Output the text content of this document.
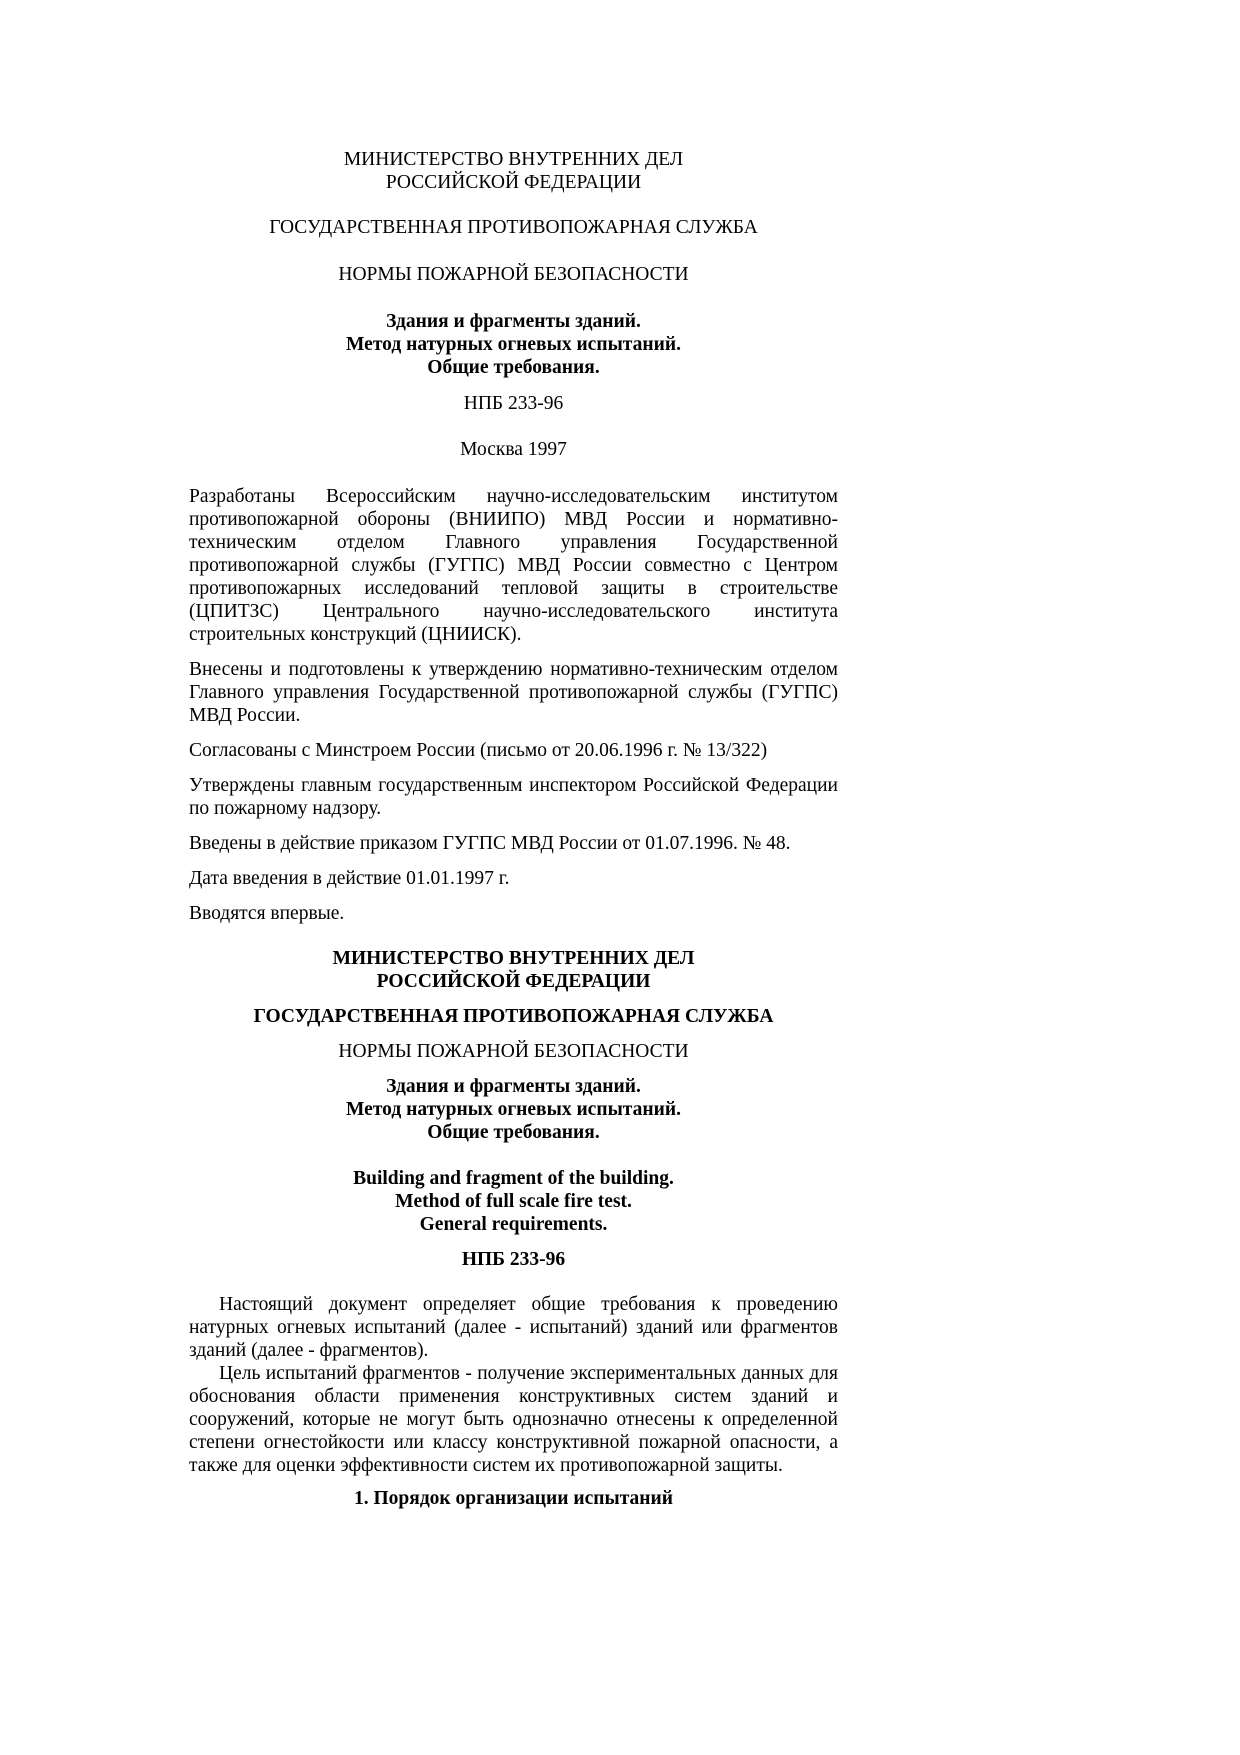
МИНИСТЕРСТВО ВНУТРЕННИХ ДЕЛ
РОССИЙСКОЙ ФЕДЕРАЦИИ

ГОСУДАРСТВЕННАЯ ПРОТИВОПОЖАРНАЯ СЛУЖБА

НОРМЫ ПОЖАРНОЙ БЕЗОПАСНОСТИ

Здания и фрагменты зданий.
Метод натурных огневых испытаний.
Общие требования.

НПБ 233-96

Москва 1997

Разработаны Всероссийским научно-исследовательским институтом противопожарной обороны (ВНИИПО) МВД России и нормативно-техническим отделом Главного управления Государственной противопожарной службы (ГУГПС) МВД России совместно с Центром противопожарных исследований тепловой защиты в строительстве (ЦПИТЗС) Центрального научно-исследовательского института строительных конструкций (ЦНИИСК).

Внесены и подготовлены к утверждению нормативно-техническим отделом Главного управления Государственной противопожарной службы (ГУГПС) МВД России.

Согласованы с Минстроем России (письмо от 20.06.1996 г. № 13/322)

Утверждены главным государственным инспектором Российской Федерации по пожарному надзору.

Введены в действие приказом ГУГПС МВД России от 01.07.1996. № 48.

Дата введения в действие 01.01.1997 г.

Вводятся впервые.

МИНИСТЕРСТВО ВНУТРЕННИХ ДЕЛ
РОССИЙСКОЙ ФЕДЕРАЦИИ

ГОСУДАРСТВЕННАЯ ПРОТИВОПОЖАРНАЯ СЛУЖБА

НОРМЫ ПОЖАРНОЙ БЕЗОПАСНОСТИ

Здания и фрагменты зданий.
Метод натурных огневых испытаний.
Общие требования.

Building and fragment of the building.
Method of full scale fire test.
General requirements.

НПБ 233-96

Настоящий документ определяет общие требования к проведению натурных огневых испытаний (далее - испытаний) зданий или фрагментов зданий (далее - фрагментов).

Цель испытаний фрагментов - получение экспериментальных данных для обоснования области применения конструктивных систем зданий и сооружений, которые не могут быть однозначно отнесены к определенной степени огнестойкости или классу конструктивной пожарной опасности, а также для оценки эффективности систем их противопожарной защиты.

1. Порядок организации испытаний
